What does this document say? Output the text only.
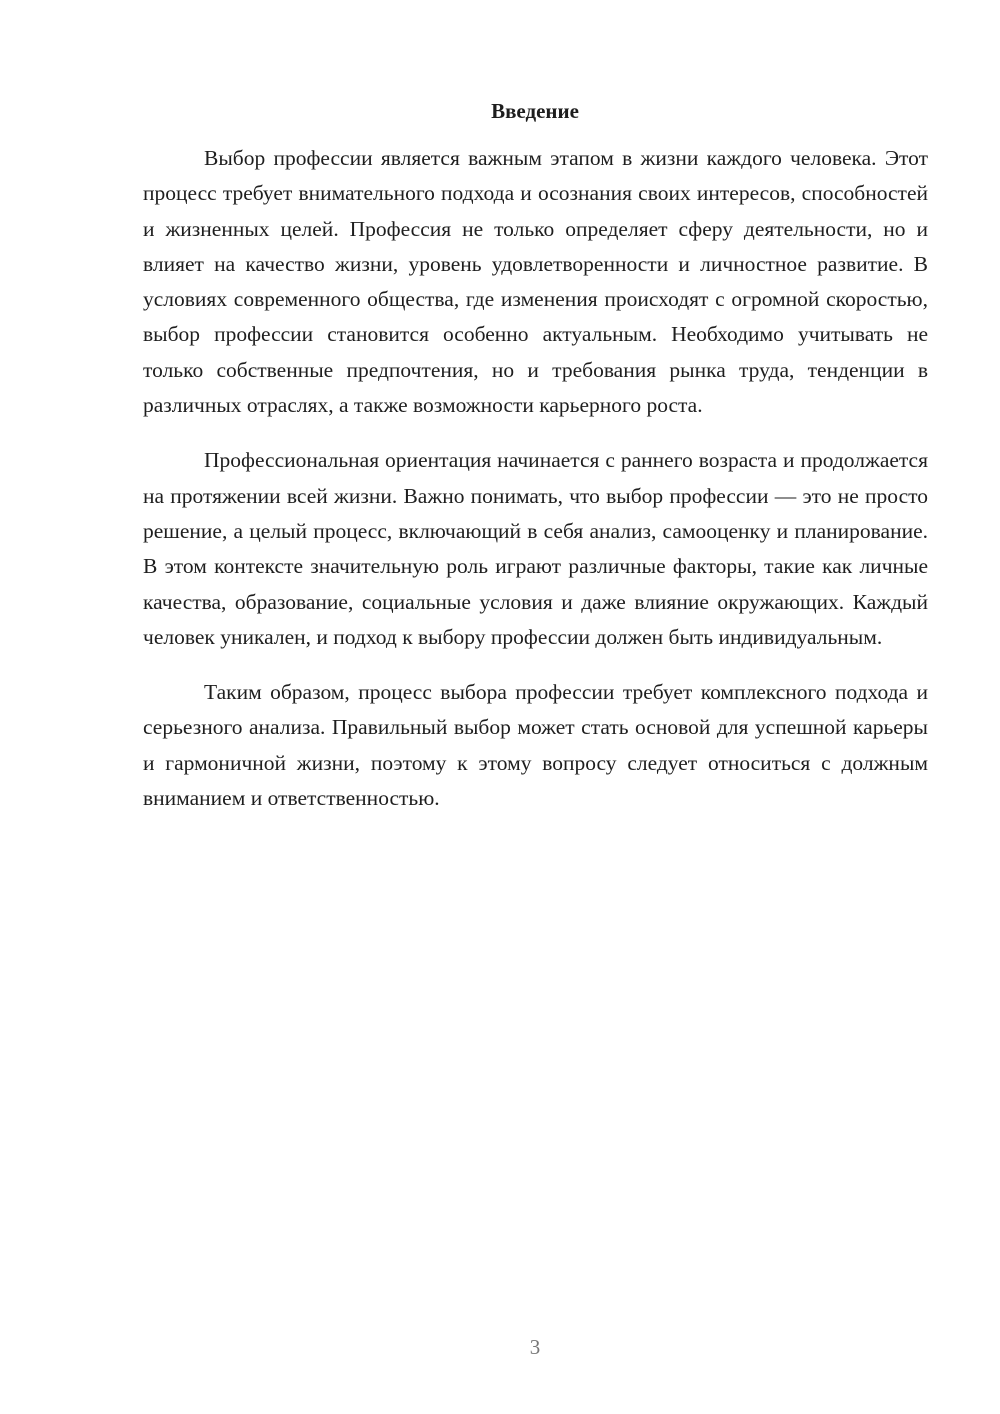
Введение

Выбор профессии является важным этапом в жизни каждого человека. Этот процесс требует внимательного подхода и осознания своих интересов, способностей и жизненных целей. Профессия не только определяет сферу деятельности, но и влияет на качество жизни, уровень удовлетворенности и личностное развитие. В условиях современного общества, где изменения происходят с огромной скоростью, выбор профессии становится особенно актуальным. Необходимо учитывать не только собственные предпочтения, но и требования рынка труда, тенденции в различных отраслях, а также возможности карьерного роста.

Профессиональная ориентация начинается с раннего возраста и продолжается на протяжении всей жизни. Важно понимать, что выбор профессии — это не просто решение, а целый процесс, включающий в себя анализ, самооценку и планирование. В этом контексте значительную роль играют различные факторы, такие как личные качества, образование, социальные условия и даже влияние окружающих. Каждый человек уникален, и подход к выбору профессии должен быть индивидуальным.

Таким образом, процесс выбора профессии требует комплексного подхода и серьезного анализа. Правильный выбор может стать основой для успешной карьеры и гармоничной жизни, поэтому к этому вопросу следует относиться с должным вниманием и ответственностью.

3
